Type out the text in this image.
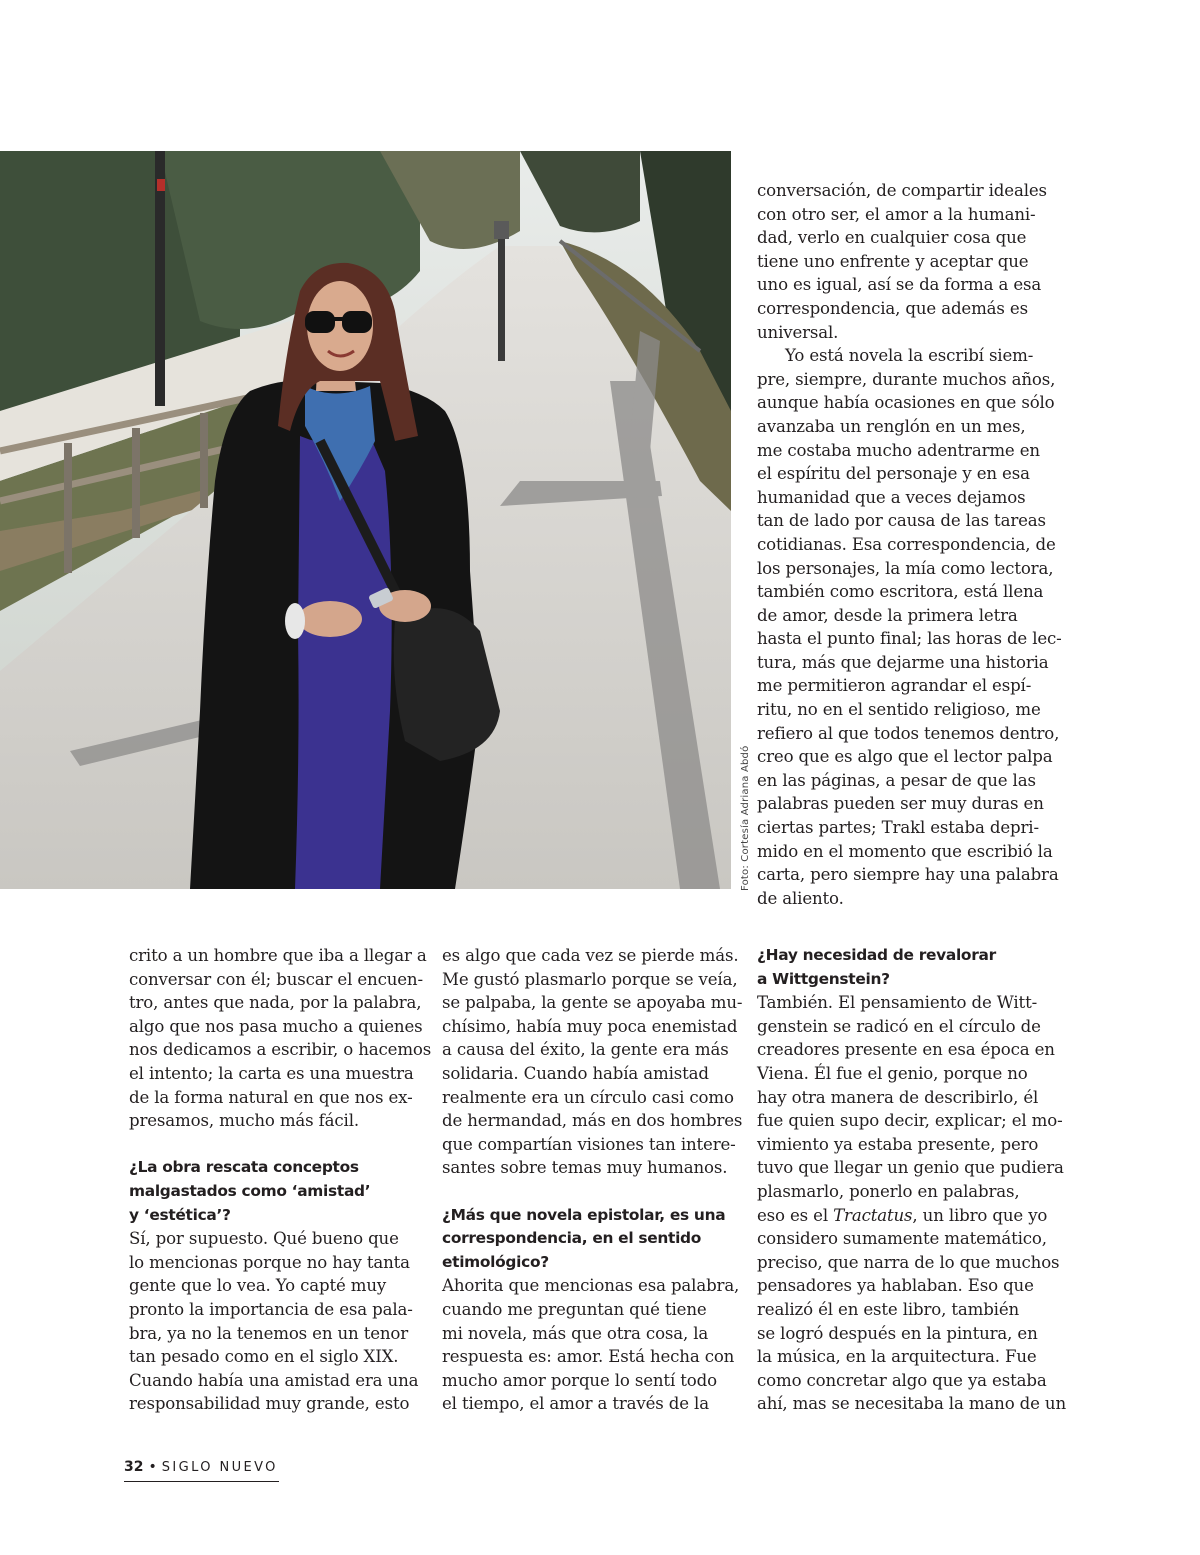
Foto: Cortesía Adriana Abdó

conversación, de compartir ideales
con otro ser, el amor a la humani-
dad, verlo en cualquier cosa que
tiene uno enfrente y aceptar que
uno es igual, así se da forma a esa
correspondencia, que además es
universal.

Yo está novela la escribí siem-
pre, siempre, durante muchos años,
aunque había ocasiones en que sólo
avanzaba un renglón en un mes,
me costaba mucho adentrarme en
el espíritu del personaje y en esa
humanidad que a veces dejamos
tan de lado por causa de las tareas
cotidianas. Esa correspondencia, de
los personajes, la mía como lectora,
también como escritora, está llena
de amor, desde la primera letra
hasta el punto final; las horas de lec-
tura, más que dejarme una historia
me permitieron agrandar el espí-
ritu, no en el sentido religioso, me
refiero al que todos tenemos dentro,
creo que es algo que el lector palpa
en las páginas, a pesar de que las
palabras pueden ser muy duras en
ciertas partes; Trakl estaba depri-
mido en el momento que escribió la
carta, pero siempre hay una palabra
de aliento.

crito a un hombre que iba a llegar a
conversar con él; buscar el encuen-
tro, antes que nada, por la palabra,
algo que nos pasa mucho a quienes
nos dedicamos a escribir, o hacemos
el intento; la carta es una muestra
de la forma natural en que nos ex-
presamos, mucho más fácil.

¿La obra rescata conceptos
malgastados como ‘amistad’
y ‘estética’?

Sí, por supuesto. Qué bueno que
lo mencionas porque no hay tanta
gente que lo vea. Yo capté muy
pronto la importancia de esa pala-
bra, ya no la tenemos en un tenor
tan pesado como en el siglo XIX.
Cuando había una amistad era una
responsabilidad muy grande, esto

es algo que cada vez se pierde más.
Me gustó plasmarlo porque se veía,
se palpaba, la gente se apoyaba mu-
chísimo, había muy poca enemistad
a causa del éxito, la gente era más
solidaria. Cuando había amistad
realmente era un círculo casi como
de hermandad, más en dos hombres
que compartían visiones tan intere-
santes sobre temas muy humanos.

¿Más que novela epistolar, es una
correspondencia, en el sentido
etimológico?

Ahorita que mencionas esa palabra,
cuando me preguntan qué tiene
mi novela, más que otra cosa, la
respuesta es: amor. Está hecha con
mucho amor porque lo sentí todo
el tiempo, el amor a través de la

¿Hay necesidad de revalorar
a Wittgenstein?

También. El pensamiento de Witt-
genstein se radicó en el círculo de
creadores presente en esa época en
Viena. Él fue el genio, porque no
hay otra manera de describirlo, él
fue quien supo decir, explicar; el mo-
vimiento ya estaba presente, pero
tuvo que llegar un genio que pudiera
plasmarlo, ponerlo en palabras,
eso es el Tractatus, un libro que yo
considero sumamente matemático,
preciso, que narra de lo que muchos
pensadores ya hablaban. Eso que
realizó él en este libro, también
se logró después en la pintura, en
la música, en la arquitectura. Fue
como concretar algo que ya estaba
ahí, mas se necesitaba la mano de un

32 • SIGLO NUEVO
